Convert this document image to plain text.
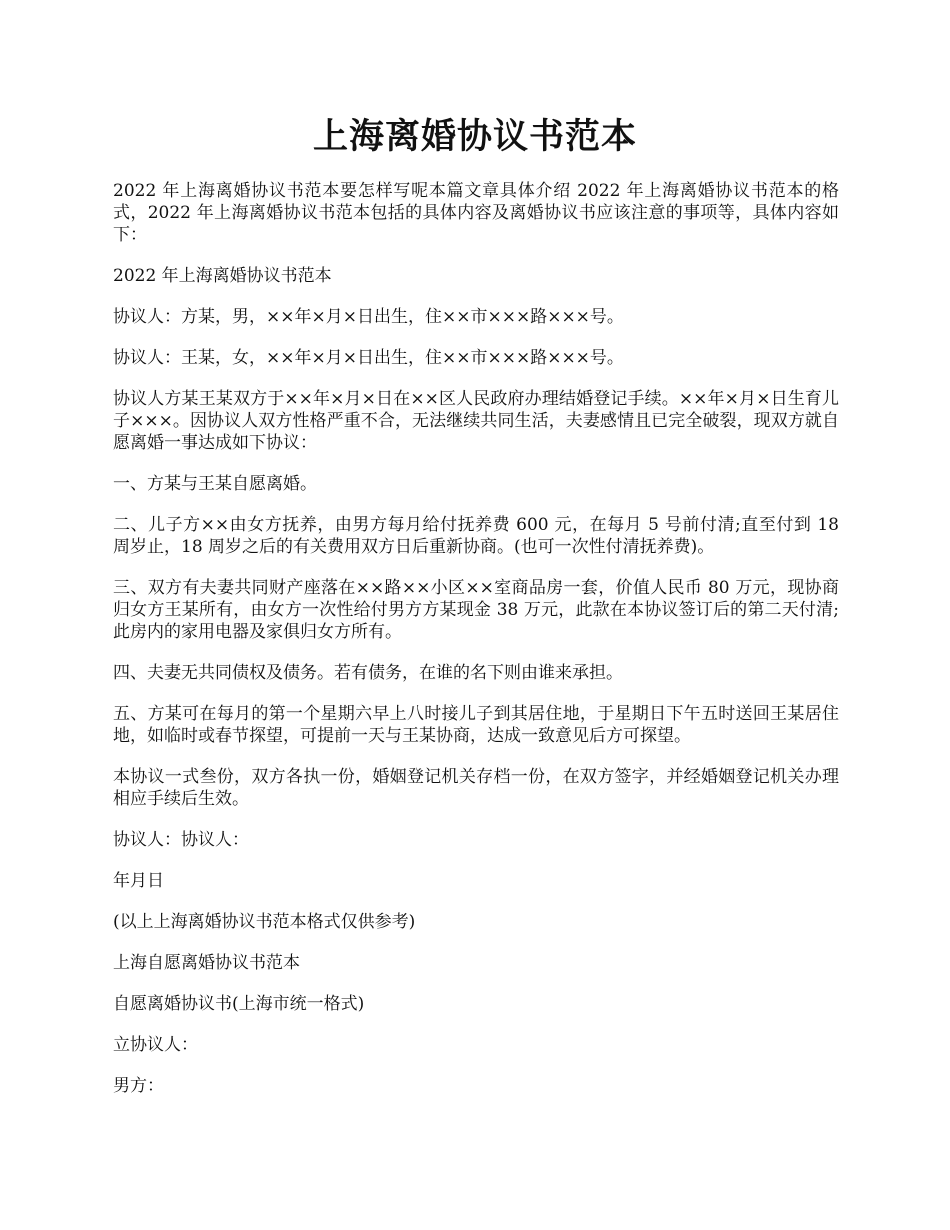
上海离婚协议书范本

2022 年上海离婚协议书范本要怎样写呢本篇文章具体介绍 2022 年上海离婚协议书范本的格式，2022 年上海离婚协议书范本包括的具体内容及离婚协议书应该注意的事项等，具体内容如下：

2022 年上海离婚协议书范本

协议人：方某，男，××年×月×日出生，住××市×××路×××号。

协议人：王某，女，××年×月×日出生，住××市×××路×××号。

协议人方某王某双方于××年×月×日在××区人民政府办理结婚登记手续。××年×月×日生育儿子×××。因协议人双方性格严重不合，无法继续共同生活，夫妻感情且已完全破裂，现双方就自愿离婚一事达成如下协议：

一、方某与王某自愿离婚。

二、儿子方××由女方抚养，由男方每月给付抚养费 600 元，在每月 5 号前付清;直至付到 18 周岁止，18 周岁之后的有关费用双方日后重新协商。(也可一次性付清抚养费)。

三、双方有夫妻共同财产座落在××路××小区××室商品房一套，价值人民币 80 万元，现协商归女方王某所有，由女方一次性给付男方方某现金 38 万元，此款在本协议签订后的第二天付清;此房内的家用电器及家俱归女方所有。

四、夫妻无共同债权及债务。若有债务，在谁的名下则由谁来承担。

五、方某可在每月的第一个星期六早上八时接儿子到其居住地，于星期日下午五时送回王某居住地，如临时或春节探望，可提前一天与王某协商，达成一致意见后方可探望。

本协议一式叁份，双方各执一份，婚姻登记机关存档一份，在双方签字，并经婚姻登记机关办理相应手续后生效。

协议人：协议人：

年月日

(以上上海离婚协议书范本格式仅供参考)

上海自愿离婚协议书范本

自愿离婚协议书(上海市统一格式)

立协议人：

男方：
